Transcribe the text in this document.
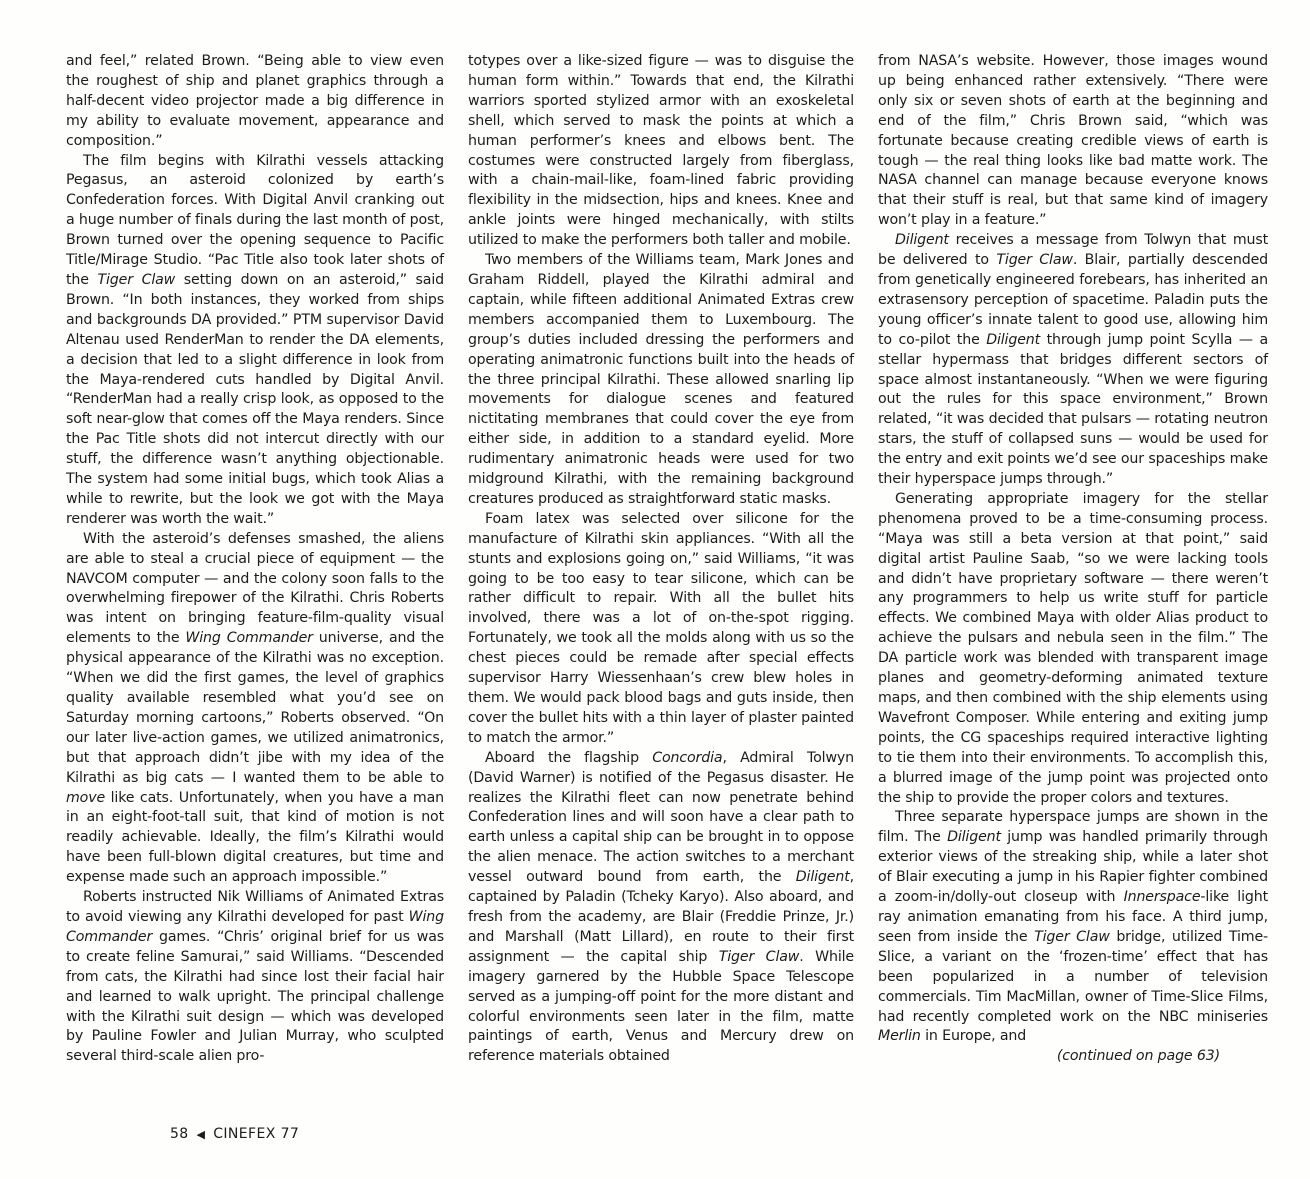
and feel,” related Brown. “Being able to view even the roughest of ship and planet graphics through a half-decent video projector made a big difference in my ability to evaluate movement, appearance and composition.”

The film begins with Kilrathi vessels attacking Pegasus, an asteroid colonized by earth’s Confederation forces. With Digital Anvil cranking out a huge number of finals during the last month of post, Brown turned over the opening sequence to Pacific Title/Mirage Studio. “Pac Title also took later shots of the Tiger Claw setting down on an asteroid,” said Brown. “In both instances, they worked from ships and backgrounds DA provided.” PTM supervisor David Altenau used RenderMan to render the DA elements, a decision that led to a slight difference in look from the Maya-rendered cuts handled by Digital Anvil. “RenderMan had a really crisp look, as opposed to the soft near-glow that comes off the Maya renders. Since the Pac Title shots did not intercut directly with our stuff, the difference wasn’t anything objectionable. The system had some initial bugs, which took Alias a while to rewrite, but the look we got with the Maya renderer was worth the wait.”

With the asteroid’s defenses smashed, the aliens are able to steal a crucial piece of equipment — the NAVCOM computer — and the colony soon falls to the overwhelming firepower of the Kilrathi. Chris Roberts was intent on bringing feature-film-quality visual elements to the Wing Commander universe, and the physical appearance of the Kilrathi was no exception. “When we did the first games, the level of graphics quality available resembled what you’d see on Saturday morning cartoons,” Roberts observed. “On our later live-action games, we utilized animatronics, but that approach didn’t jibe with my idea of the Kilrathi as big cats — I wanted them to be able to move like cats. Unfortunately, when you have a man in an eight-foot-tall suit, that kind of motion is not readily achievable. Ideally, the film’s Kilrathi would have been full-blown digital creatures, but time and expense made such an approach impossible.”

Roberts instructed Nik Williams of Animated Extras to avoid viewing any Kilrathi developed for past Wing Commander games. “Chris’ original brief for us was to create feline Samurai,” said Williams. “Descended from cats, the Kilrathi had since lost their facial hair and learned to walk upright. The principal challenge with the Kilrathi suit design — which was developed by Pauline Fowler and Julian Murray, who sculpted several third-scale alien pro-

totypes over a like-sized figure — was to disguise the human form within.” Towards that end, the Kilrathi warriors sported stylized armor with an exoskeletal shell, which served to mask the points at which a human performer’s knees and elbows bent. The costumes were constructed largely from fiberglass, with a chain-mail-like, foam-lined fabric providing flexibility in the midsection, hips and knees. Knee and ankle joints were hinged mechanically, with stilts utilized to make the performers both taller and mobile.

Two members of the Williams team, Mark Jones and Graham Riddell, played the Kilrathi admiral and captain, while fifteen additional Animated Extras crew members accompanied them to Luxembourg. The group’s duties included dressing the performers and operating animatronic functions built into the heads of the three principal Kilrathi. These allowed snarling lip movements for dialogue scenes and featured nictitating membranes that could cover the eye from either side, in addition to a standard eyelid. More rudimentary animatronic heads were used for two midground Kilrathi, with the remaining background creatures produced as straightforward static masks.

Foam latex was selected over silicone for the manufacture of Kilrathi skin appliances. “With all the stunts and explosions going on,” said Williams, “it was going to be too easy to tear silicone, which can be rather difficult to repair. With all the bullet hits involved, there was a lot of on-the-spot rigging. Fortunately, we took all the molds along with us so the chest pieces could be remade after special effects supervisor Harry Wiessenhaan’s crew blew holes in them. We would pack blood bags and guts inside, then cover the bullet hits with a thin layer of plaster painted to match the armor.”

Aboard the flagship Concordia, Admiral Tolwyn (David Warner) is notified of the Pegasus disaster. He realizes the Kilrathi fleet can now penetrate behind Confederation lines and will soon have a clear path to earth unless a capital ship can be brought in to oppose the alien menace. The action switches to a merchant vessel outward bound from earth, the Diligent, captained by Paladin (Tcheky Karyo). Also aboard, and fresh from the academy, are Blair (Freddie Prinze, Jr.) and Marshall (Matt Lillard), en route to their first assignment — the capital ship Tiger Claw. While imagery garnered by the Hubble Space Telescope served as a jumping-off point for the more distant and colorful environments seen later in the film, matte paintings of earth, Venus and Mercury drew on reference materials obtained

from NASA’s website. However, those images wound up being enhanced rather extensively. “There were only six or seven shots of earth at the beginning and end of the film,” Chris Brown said, “which was fortunate because creating credible views of earth is tough — the real thing looks like bad matte work. The NASA channel can manage because everyone knows that their stuff is real, but that same kind of imagery won’t play in a feature.”

Diligent receives a message from Tolwyn that must be delivered to Tiger Claw. Blair, partially descended from genetically engineered forebears, has inherited an extrasensory perception of spacetime. Paladin puts the young officer’s innate talent to good use, allowing him to co-pilot the Diligent through jump point Scylla — a stellar hypermass that bridges different sectors of space almost instantaneously. “When we were figuring out the rules for this space environment,” Brown related, “it was decided that pulsars — rotating neutron stars, the stuff of collapsed suns — would be used for the entry and exit points we’d see our spaceships make their hyperspace jumps through.”

Generating appropriate imagery for the stellar phenomena proved to be a time-consuming process. “Maya was still a beta version at that point,” said digital artist Pauline Saab, “so we were lacking tools and didn’t have proprietary software — there weren’t any programmers to help us write stuff for particle effects. We combined Maya with older Alias product to achieve the pulsars and nebula seen in the film.” The DA particle work was blended with transparent image planes and geometry-deforming animated texture maps, and then combined with the ship elements using Wavefront Composer. While entering and exiting jump points, the CG spaceships required interactive lighting to tie them into their environments. To accomplish this, a blurred image of the jump point was projected onto the ship to provide the proper colors and textures.

Three separate hyperspace jumps are shown in the film. The Diligent jump was handled primarily through exterior views of the streaking ship, while a later shot of Blair executing a jump in his Rapier fighter combined a zoom-in/dolly-out closeup with Innerspace-like light ray animation emanating from his face. A third jump, seen from inside the Tiger Claw bridge, utilized Time-Slice, a variant on the ‘frozen-time’ effect that has been popularized in a number of television commercials. Tim MacMillan, owner of Time-Slice Films, had recently completed work on the NBC miniseries Merlin in Europe, and

(continued on page 63)
58 ◀ CINEFEX 77
